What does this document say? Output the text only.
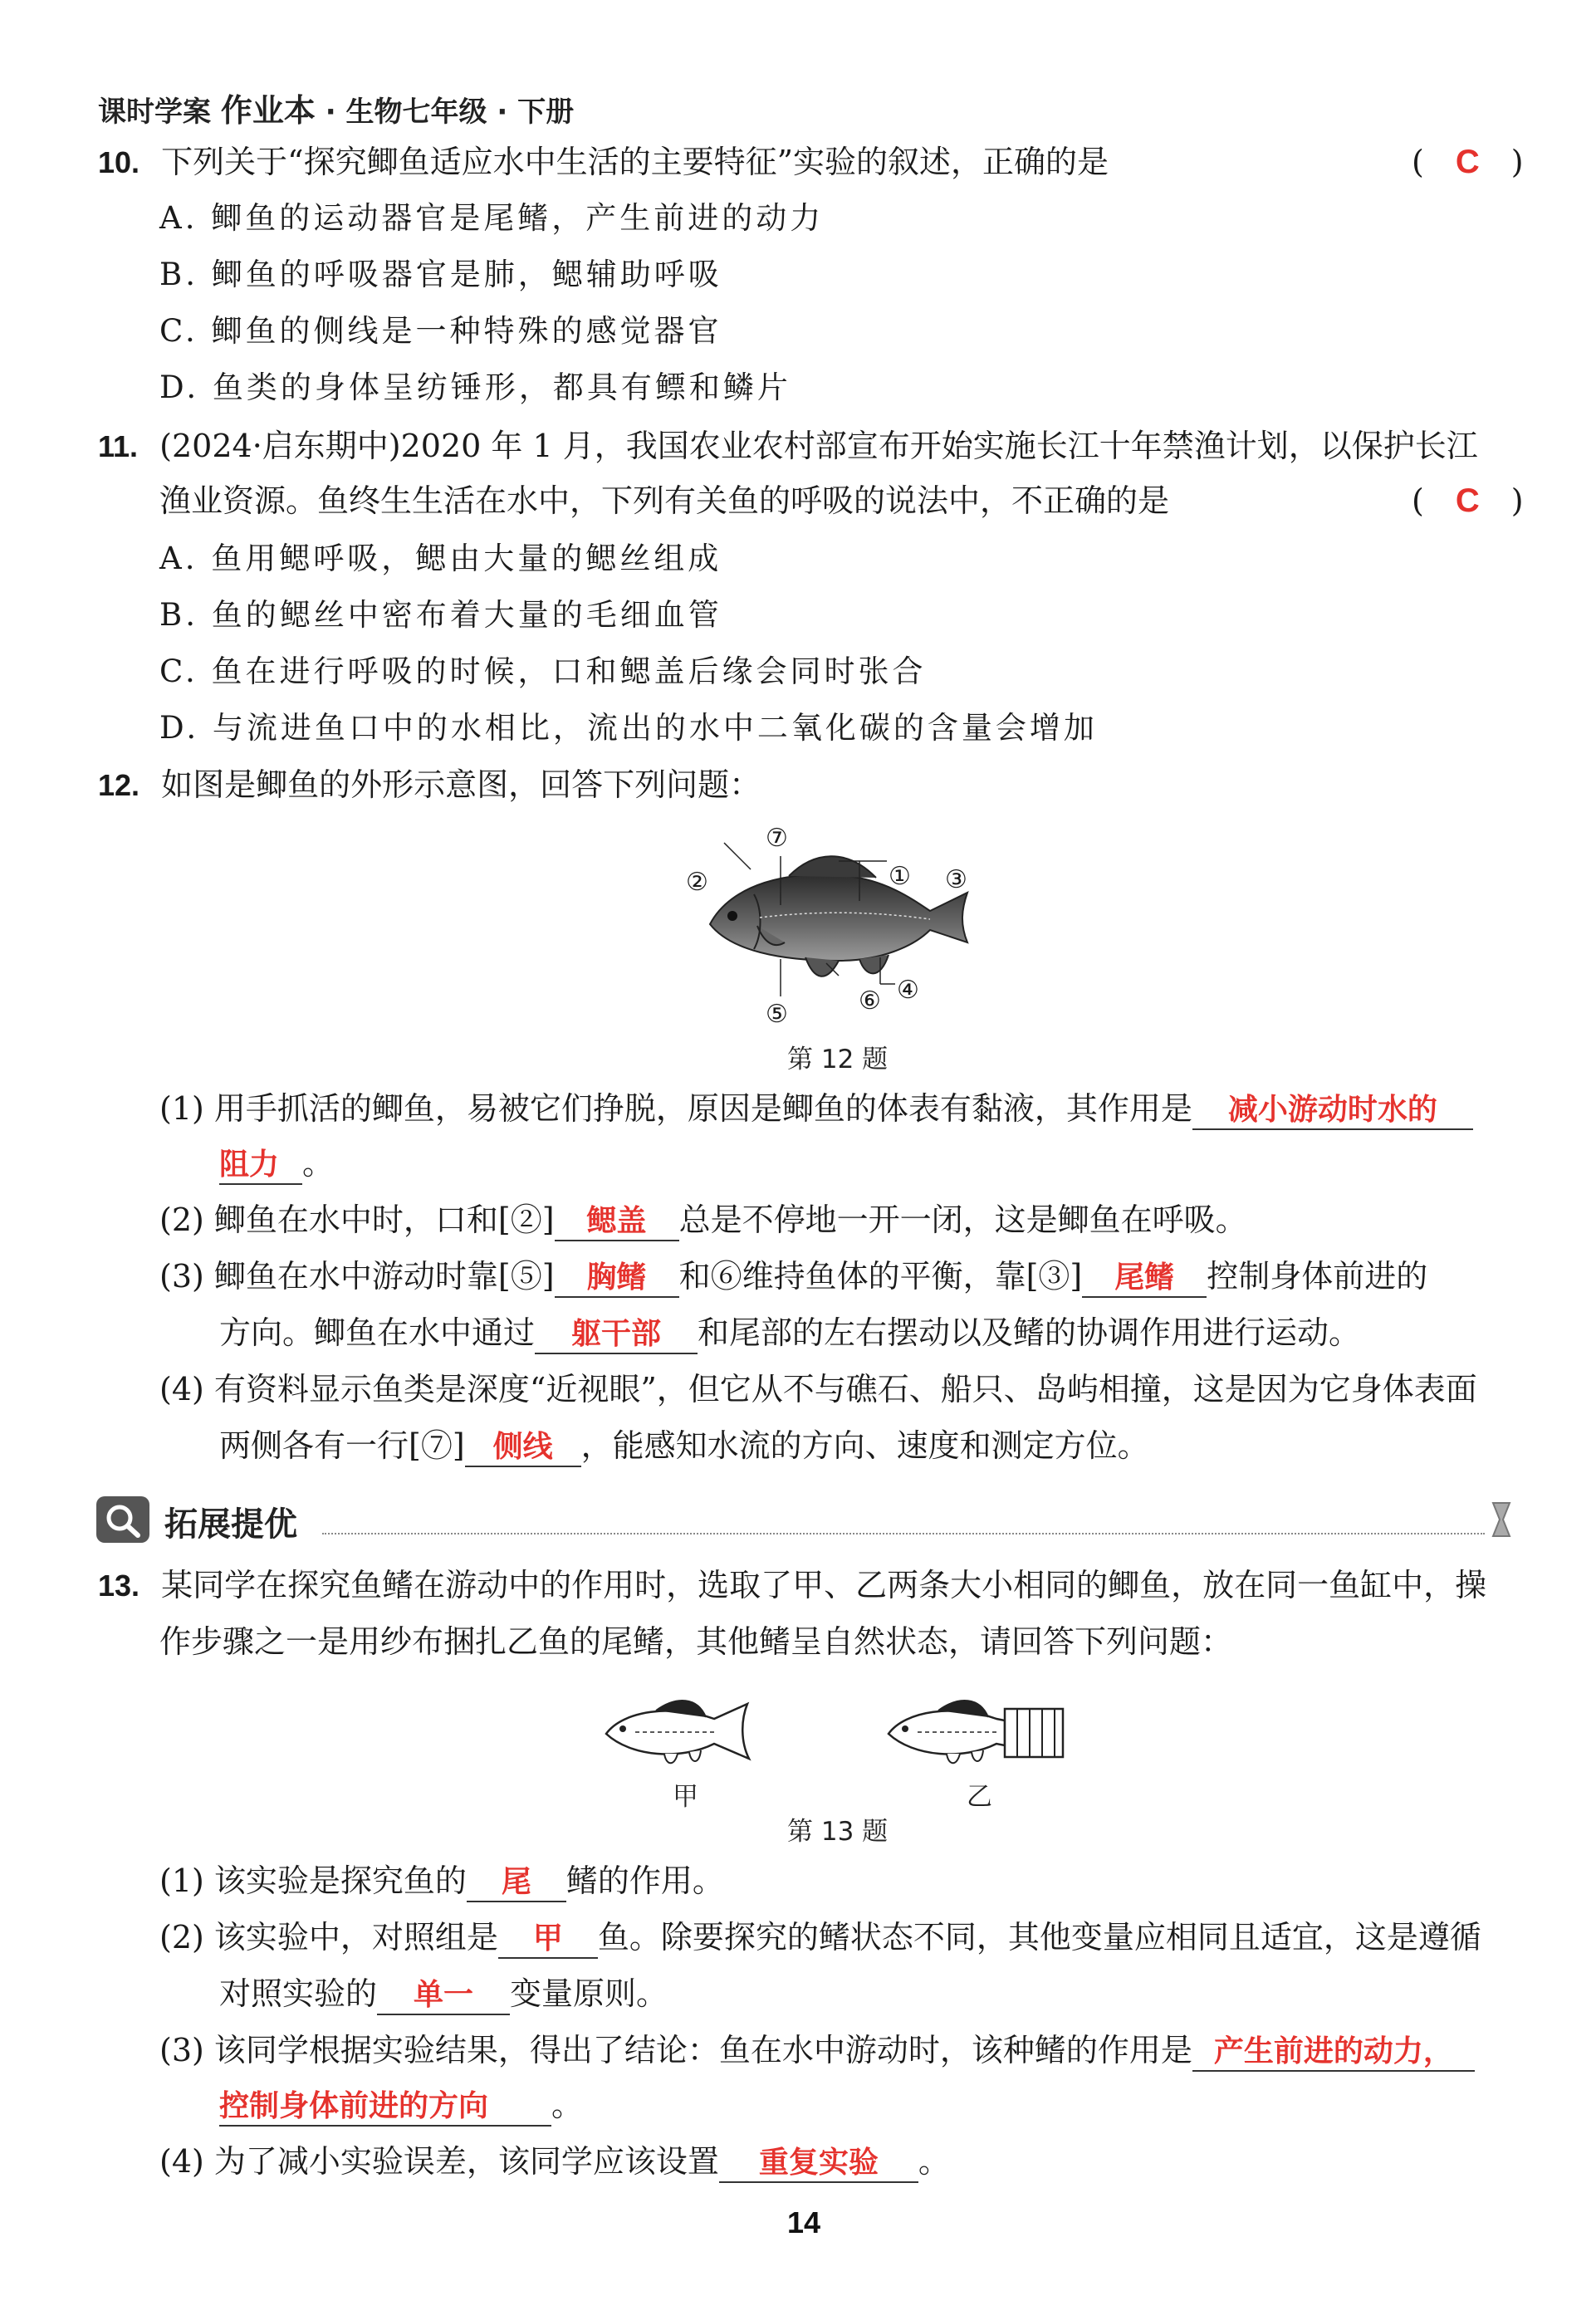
课时学案 作业本 · 生物七年级 · 下册
10. 下列关于“探究鲫鱼适应水中生活的主要特征”实验的叙述，正确的是	(　C　)
A. 鲫鱼的运动器官是尾鳍，产生前进的动力
B. 鲫鱼的呼吸器官是肺，鳃辅助呼吸
C. 鲫鱼的侧线是一种特殊的感觉器官
D. 鱼类的身体呈纺锤形，都具有鳔和鳞片
11. (2024·启东期中)2020 年 1 月，我国农业农村部宣布开始实施长江十年禁渔计划，以保护长江
渔业资源。鱼终生生活在水中，下列有关鱼的呼吸的说法中，不正确的是	(　C　)
A. 鱼用鳃呼吸，鳃由大量的鳃丝组成
B. 鱼的鳃丝中密布着大量的毛细血管
C. 鱼在进行呼吸的时候，口和鳃盖后缘会同时张合
D. 与流进鱼口中的水相比，流出的水中二氧化碳的含量会增加
12. 如图是鲫鱼的外形示意图，回答下列问题：
⑦
②	① ③
⑥ ④
⑤
第 12 题
(1) 用手抓活的鲫鱼，易被它们挣脱，原因是鲫鱼的体表有黏液，其作用是 减小游动时水的
阻力 。
(2) 鲫鱼在水中时，口和[②] 鳃盖 总是不停地一开一闭，这是鲫鱼在呼吸。
(3) 鲫鱼在水中游动时靠[⑤] 胸鳍 和⑥维持鱼体的平衡，靠[③] 尾鳍 控制身体前进的
方向。鲫鱼在水中通过 躯干部 和尾部的左右摆动以及鳍的协调作用进行运动。
(4) 有资料显示鱼类是深度“近视眼”，但它从不与礁石、船只、岛屿相撞，这是因为它身体表面
两侧各有一行[⑦] 侧线 ，能感知水流的方向、速度和测定方位。
拓展提优
13. 某同学在探究鱼鳍在游动中的作用时，选取了甲、乙两条大小相同的鲫鱼，放在同一鱼缸中，操
作步骤之一是用纱布捆扎乙鱼的尾鳍，其他鳍呈自然状态，请回答下列问题：
甲	乙
第 13 题
(1) 该实验是探究鱼的 尾 鳍的作用。
(2) 该实验中，对照组是 甲 鱼。除要探究的鳍状态不同，其他变量应相同且适宜，这是遵循
对照实验的 单一 变量原则。
(3) 该同学根据实验结果，得出了结论：鱼在水中游动时，该种鳍的作用是 产生前进的动力，
控制身体前进的方向 。
(4) 为了减小实验误差，该同学应该设置 重复实验 。
14
